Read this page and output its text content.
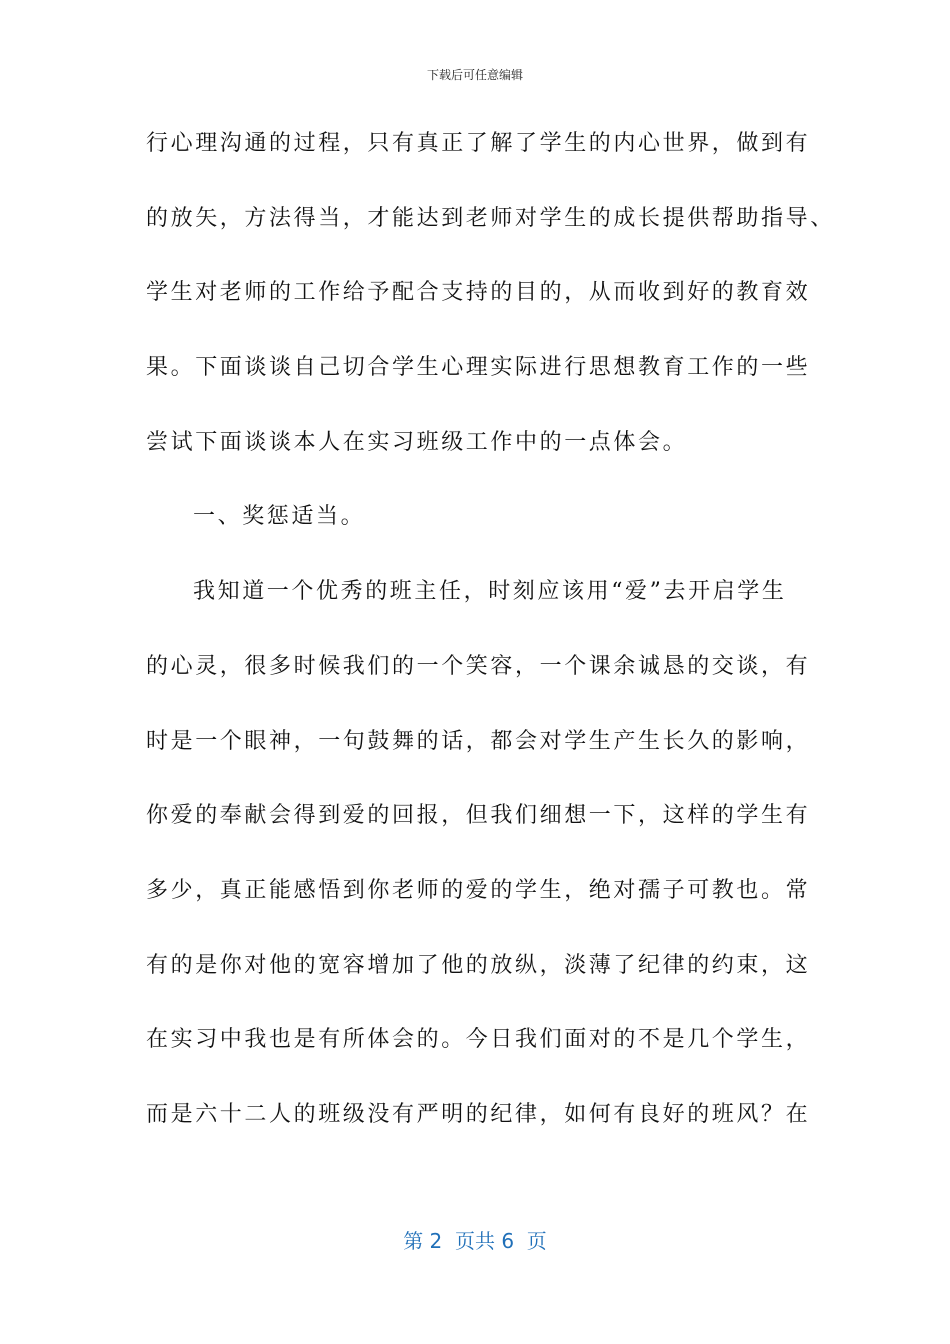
下载后可任意编辑
行心理沟通的过程，只有真正了解了学生的内心世界，做到有
的放矢，方法得当，才能达到老师对学生的成长提供帮助指导、
学生对老师的工作给予配合支持的目的，从而收到好的教育效
果。下面谈谈自己切合学生心理实际进行思想教育工作的一些
尝试下面谈谈本人在实习班级工作中的一点体会。
一、奖惩适当。
我知道一个优秀的班主任，时刻应该用“爱”去开启学生
的心灵，很多时候我们的一个笑容，一个课余诚恳的交谈，有
时是一个眼神，一句鼓舞的话，都会对学生产生长久的影响，
你爱的奉献会得到爱的回报，但我们细想一下，这样的学生有
多少，真正能感悟到你老师的爱的学生，绝对孺子可教也。常
有的是你对他的宽容增加了他的放纵，淡薄了纪律的约束，这
在实习中我也是有所体会的。今日我们面对的不是几个学生，
而是六十二人的班级没有严明的纪律，如何有良好的班风？在
第 2  页共 6  页
